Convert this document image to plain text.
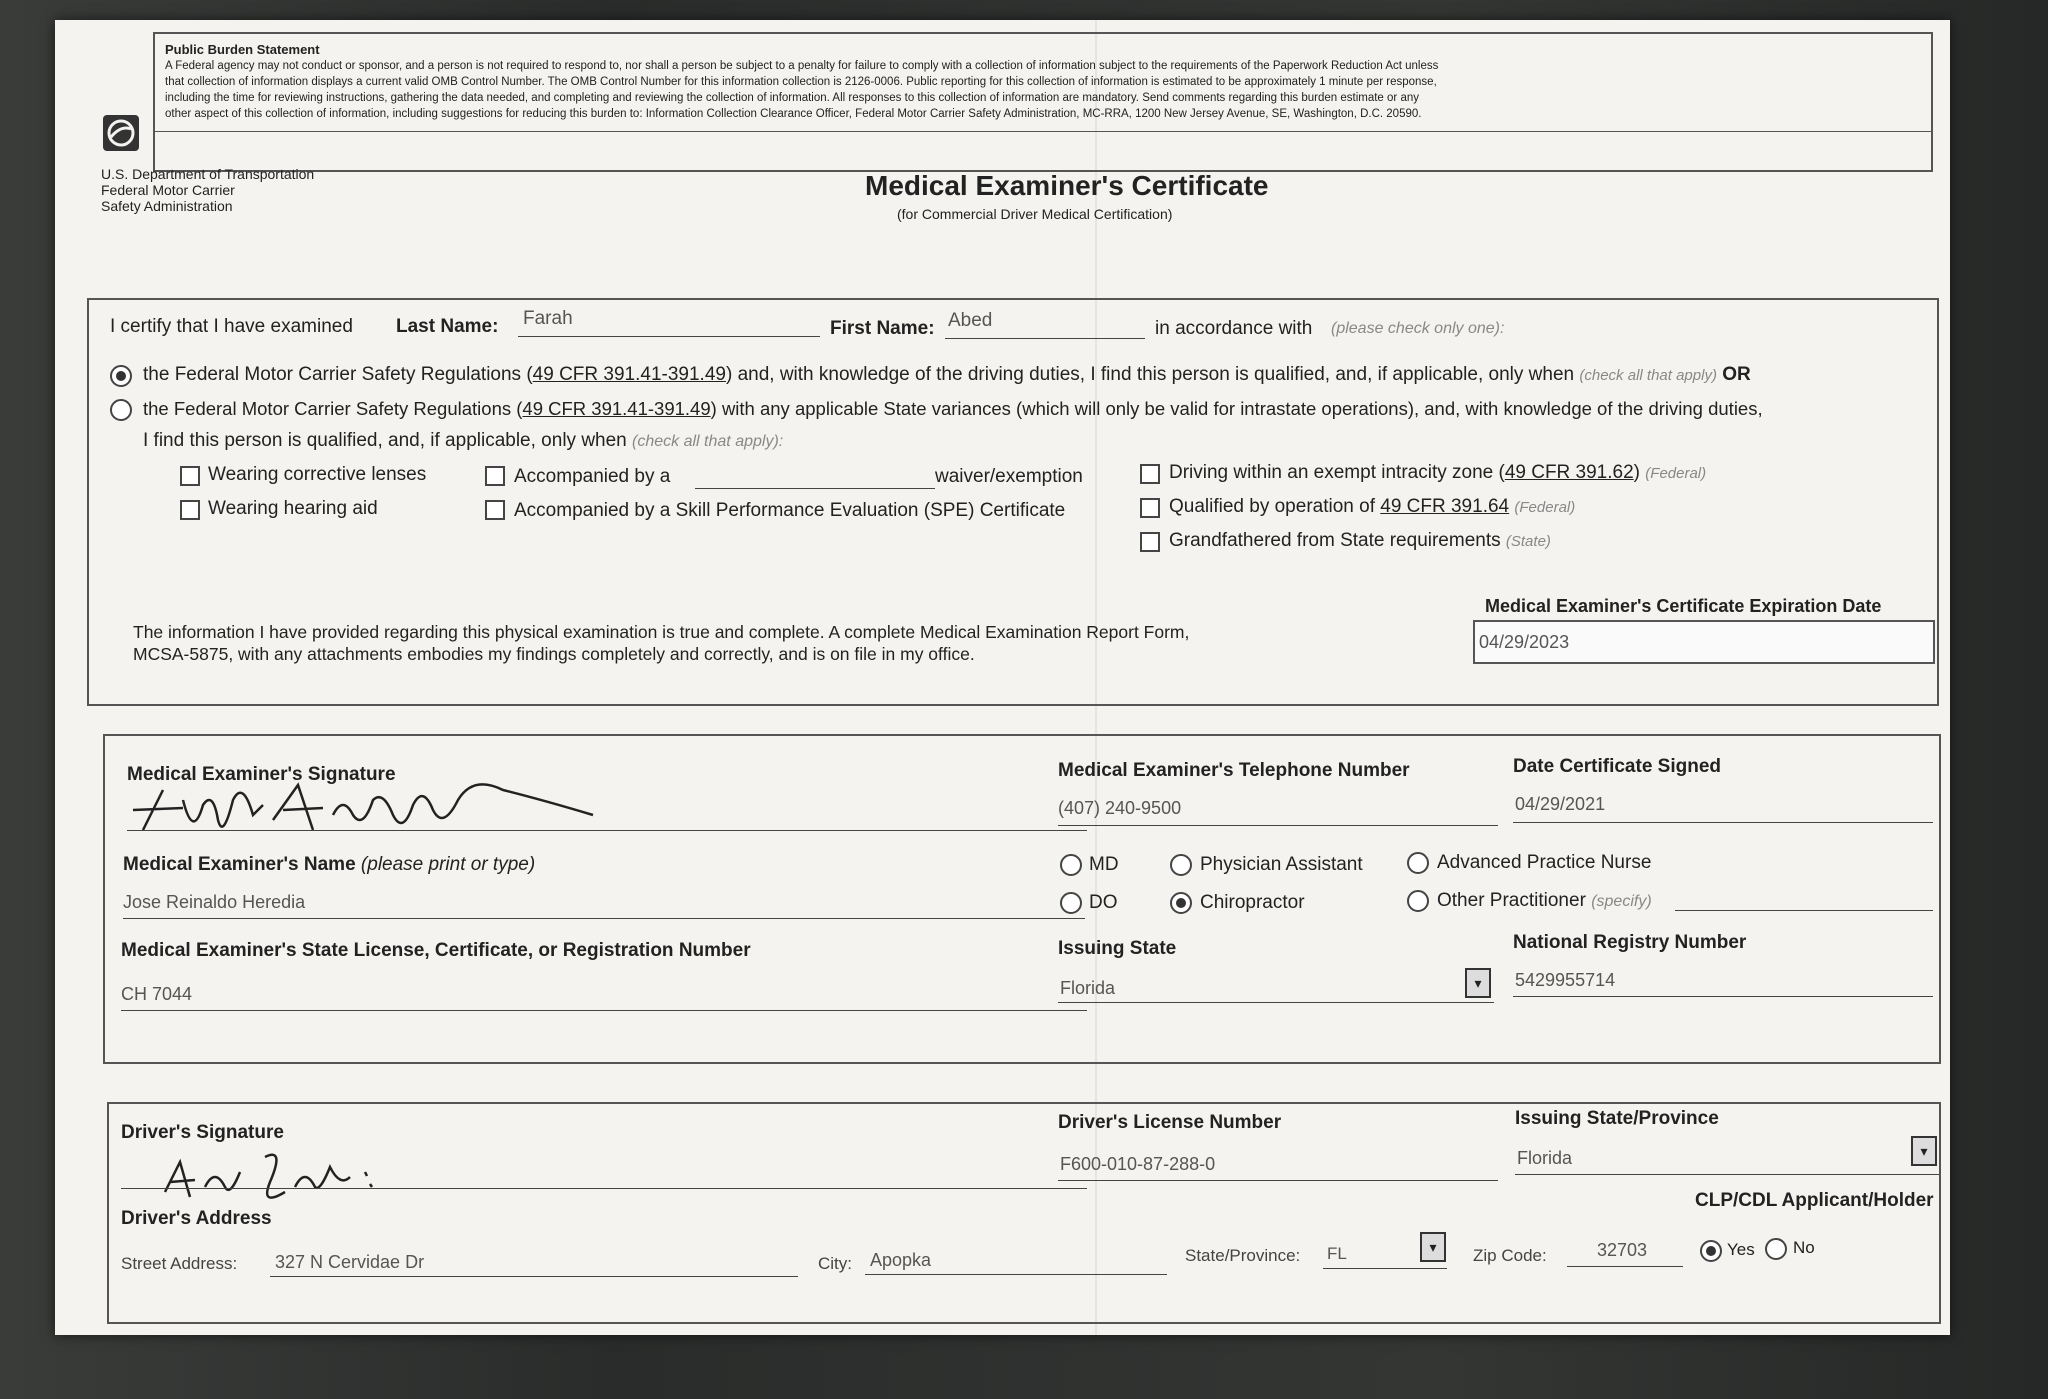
Public Burden Statement
A Federal agency may not conduct or sponsor, and a person is not required to respond to, nor shall a person be subject to a penalty for failure to comply with a collection of information subject to the requirements of the Paperwork Reduction Act unless
that collection of information displays a current valid OMB Control Number. The OMB Control Number for this information collection is 2126-0006. Public reporting for this collection of information is estimated to be approximately 1 minute per response,
including the time for reviewing instructions, gathering the data needed, and completing and reviewing the collection of information. All responses to this collection of information are mandatory. Send comments regarding this burden estimate or any
other aspect of this collection of information, including suggestions for reducing this burden to: Information Collection Clearance Officer, Federal Motor Carrier Safety Administration, MC-RRA, 1200 New Jersey Avenue, SE, Washington, D.C. 20590.
U.S. Department of Transportation
Federal Motor Carrier
Safety Administration
Medical Examiner's Certificate
(for Commercial Driver Medical Certification)
I certify that I have examined Last Name: Farah	First Name: Abed	in accordance with (please check only one):
the Federal Motor Carrier Safety Regulations (49 CFR 391.41-391.49) and, with knowledge of the driving duties, I find this person is qualified, and, if applicable, only when (check all that apply) OR
the Federal Motor Carrier Safety Regulations (49 CFR 391.41-391.49) with any applicable State variances (which will only be valid for intrastate operations), and, with knowledge of the driving duties,
I find this person is qualified, and, if applicable, only when (check all that apply):
Wearing corrective lenses
Wearing hearing aid
Accompanied by a	waiver/exemption
Accompanied by a Skill Performance Evaluation (SPE) Certificate
Driving within an exempt intracity zone (49 CFR 391.62) (Federal)
Qualified by operation of 49 CFR 391.64 (Federal)
Grandfathered from State requirements (State)
The information I have provided regarding this physical examination is true and complete. A complete Medical Examination Report Form,
MCSA-5875, with any attachments embodies my findings completely and correctly, and is on file in my office.
Medical Examiner's Certificate Expiration Date
04/29/2023
Medical Examiner's Signature	Medical Examiner's Telephone Number
(407) 240-9500
Date Certificate Signed
04/29/2021
Medical Examiner's Name (please print or type)
Jose Reinaldo Heredia
MD	Physician Assistant	Advanced Practice Nurse
DO	Chiropractor	Other Practitioner (specify)
Medical Examiner's State License, Certificate, or Registration Number
CH 7044
Issuing State
Florida	▾
National Registry Number
5429955714
Driver's Signature
Driver's Address
Driver's License Number
F600-010-87-288-0
Issuing State/Province
Florida	▾
CLP/CDL Applicant/Holder
Street Address: 327 N Cervidae Dr	City: Apopka	State/Province: FL	▾	Zip Code:	32703	Yes No
